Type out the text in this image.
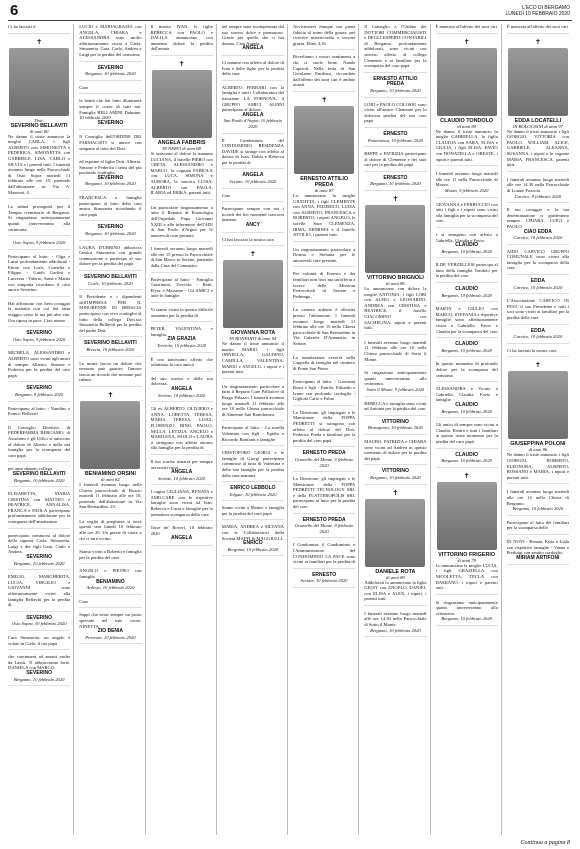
6	L'ECO DI BERGAMO
LUNEDÌ 10 FEBBRAIO 2020
Ci ha lasciati il
✝
Dott.
SEVERINO BELLAVITI
di anni 80
Ne danno il triste annuncio la moglie CARLA, i figli ALBERTO con SIMONETTA e FEDERICA, SIMONETTA con GABRIELE, LISA, CARLO e SILVIA e i parenti tutti. I funerali avranno luogo nella Parrocchiale di Osio Sopra martedì 11 febbraio alle ore 10, partendo dall'abitazione in Via A. Mazzoni, 4.
La salma proseguirà per il Tempio crematorio di Bergamo. Si ringraziano anticipatamente quanti interverranno alla cerimonia.
Osio Sopra, 9 febbraio 2020
Partecipano al lutto: - Olga e Luisa profondamente addolorati - Ettore con Loris, Cornelia e Filippo - Guido Garlini e Lucrezia - Valerio, Anna e Mattia con simpatia ricordano il caro amico Severino
Hai affrontato con fiero coraggio la malattia con cui hai fatto viaggio verso la tua più alta vita. Ora riposa in pace. Ciao nonno
SEVERINO
Osio Sopra, 9 febbraio 2020
MICHELA, ALESSANDRO e ALBERTO sono vicini agli amici di sempre Alberto, Simone e Federica per la perdita del caro papà
SEVERINO
Bergamo, 9 febbraio 2020
Partecipano al lutto: - Nandino e Franco Bellaviti
Il Consiglio Direttivo di FEDERFARMA BERGAMO, di Assofarm e gli Uffici si uniscono al dolore di Alberto e della sua famiglia per la scomparsa del caro papà
per anni stimato collega.
SEVERINO BELLAVITI
Bergamo, 10 febbraio 2020
ELISABETTA, MARIA CRISTINA con MATTEO e BEATRICE, ANNALISA, FRANCA e PAOLA partecipano profondamente addolorate per la scomparsa dell'amatissimo
partecipano commossi al dolore della signora Carla, Simonetta, Luigi e dei figli Gaia, Carlo e Andrea.
SEVERINO
Bergamo, 10 febbraio 2020
EMILIO, MARGHERITA, LUCIA, VIRGILIO e GIOVANNI sono affettuosamente vicini alla famiglia Bellaviti per la perdita di
SEVERINO
Osio Sopra, 10 febbraio 2020
Cara Simonetta, un angelo è volato in Cielo, il tuo papà
che continuerà ad amarti anche da Lassù. Ti abbracciamo forte. DANIELA con MARCO.
SEVERINO
Bergamo, 10 febbraio 2020
LUCIO e MARIAGRAZIA con ANGELA, CHIARA e ALESSANDRA sono molto affettuosamente vicini a Carla, Simonetta, Gaia, Carlo, Andrea e Luigi per la perdita del carissimo
SEVERINO
Bergamo, 10 febbraio 2020
Ciao
la bontà che hai fatto illuminerà sempre il cuore di tutti noi. Famiglia BELLAMINI Dalmine, 10 febbraio 2020
SEVERINO
Il Consiglio dell'ORDINE DEI FARMACISTI si unisce con simpatia al lutto del Dott.
ed esprime al figlio Dott. Alberto, Simone e Federica i sensi del più profondo cordoglio.
SEVERINO
Bergamo, 10 febbraio 2020
FRANCESCA e famiglia partecipano al lutto della cara amica Simonetta ricordando il caro papà
SEVERINO
Bergamo, 10 febbraio 2020
LAURA D'URBINO abbraccia l'amica Simonetta con grande commozione e partecipa al suo dolore per la perdita del papà
SEVERINO BELLAVITI
Gorle, 10 febbraio 2020
Il Presidente e i dipendenti dell'IMPRESA PER IL MINORENNE DI BRESCIA partecipano con vivo cordoglio al lutto della collega Dott.ssa Simonetta Bellaviti per la perdita del padre Dott.
SEVERINO BELLAVITI
Brescia, 10 febbraio 2020
La morte lascia un dolore che nessuno può guarire, l'amore lascia un ricordo che nessuno può rubare.
✝
BENIAMINO ORSINI
di anni 82
I funerali avranno luogo nella Chiesa parrocchiale di Boario martedì 11 febbraio alle ore 10, partendo dall'abitazione in Via San Bernardino, 23.
La veglia di preghiera si terrà questa sera lunedì 10 febbraio alle ore 20. Un grazie di cuore a chi ci sarà vicino.
Siamo vicini a Roberto e famiglia per la perdita del caro
ANGELO e PIETRO con famiglia.
BENIAMINO
Ardesio, 10 febbraio 2020
Ciao
Sappi che avrai sempre un posto speciale nel mio cuore. NINETTA
ZIO BENIA
Provezze, 10 febbraio 2020
Il marito IVAN, le figlie REBECCA con PAOLO e DALILA annunciano con immenso dolore la perdita dell'amata
✝
ANGELA FABBRIS
IN NERVI di anni 68
Si uniscono al dolore la mamma LUCIANA, il fratello PIERO con GRETA, ALESSANDRO e MARCO, la cognata FABIOLA con LUCA, SIMONA e AURORA, la suocera LUISA, ALBERTO con PAULA, ILARIA ed ERIKA, parenti tutti.
Un particolare ringraziamento a tutto il Reparto di Ematologia dell'Ospedale Papa Giovanni XXIII e alle infermiere dell'ADI di San Paolo d'Argon per le amorevoli cure prestate.
I funerali avranno luogo martedì alle ore 15 presso la Parrocchiale di San Marco in Seriate, partendo dalla Casa del Commiato.
Partecipano al lutto: - Famiglia Giustinoni, Treviolo - Betti, Elyse e Massimo - Gli AMICI e tutte le famiglie
Vi siamo vicini in questo difficile momento per la perdita di
PETER, VALENTINA e famiglia.
ZIA GRAZIA
Treviolo, 10 febbraio 2020
È con tantissimo affetto che salutiamo la cara amica
del suo sorriso e della sua dolcezza.
ANGELA
Seriate, 10 febbraio 2020
Gli ex ALBERTO, OLIVIERO e ANNA, LORETTA, TERESA, MARIA TERESA, LUIGI, FLORENZO, RINO, PAOLO, NELLA, LETIZIA, ANGELO e MARILENA, PAOLO e LAURA si stringono con affetto attorno alla famiglia per la perdita di
Il tuo sorriso rimarrà per sempre nei nostri cuori.
ANGELA
Seriate, 10 febbraio 2020
I cugini GIULIANA, RENATA e AMILCARE con le rispettive famiglie sono vicini ad Ivan, Rebecca e Lucia e famiglie per la prematura scomparsa della cara
Torre de' Roveri, 10 febbraio 2020
ANGELA
nel sempre stata ricompensata dal suo sorriso dolce e premuroso. Grazie per quello che ci hai donato. Ciao Angela.
ANGELA
Ci uniamo con affetto al dolore di Ivan e delle figlie per la perdita della cara
ALBERTO FERRARI con la famiglia e tutti i Collaboratori del ristorante LA FORNOVA, il GRUPPO AMICI ALPINI partecipano al dolore.
ANGELA
San Paolo d'Argon, 10 febbraio 2020
Il Condominio del CONDOMINIO RESIDENZA DAVIDE si stringe con affetto al dolore di Ivan, Dalila e Rebecca per la perdita di
ANGELA
Seriate, 10 febbraio 2020
Ciao
Partecipano sempre con noi i ricordi dei bei momenti trascorsi insieme.
ANCY
Ci hai lasciato la nostra cara
✝
GIOVANNA ROTA
IN BONFANTI di anni 94
Ne danno il triste annuncio il marito MARIO, i figli ORNELLA, GALDINO, CAMILLA, VALENTINA, MARIO e ANGELO, i nipoti e i parenti tutti.
Un ringraziamento particolare a tutto il Reparto Cure Palliative di Borgo Palazzo. I funerali avranno luogo martedì 11 febbraio alle ore 10 nella Chiesa parrocchiale di Almenno San Bartolomeo.
Partecipano al lutto: - La sorella Valentina con figli - Egidio e Riccardo Bonfanti e famiglie
CRISTOFORO GIORGI e le famiglie di Giorgi partecipano commosse al lutto di Valentina e della sua famiglia per la perdita della cara mamma
ENRICO LEBBOLO
Telgate, 10 febbraio 2020
Siamo vicini a Matteo e famiglia per la perdita del caro papà
MARIA, ANDREA e SILVANA con le Collaboratrici della Società MAFFI & MAGGIULLI.
ENRICO
Bergamo, 10 febbraio 2020
Avvicinatevi dunque con piena fiducia al trono della grazia, per ricevere misericordia e trovare grazia. Ebrei 4,16
Riverliamo i nostri sentimenti a chi ci vuole bene. Natale Caprioli. Nella festa di San Gerolamo Emiliani, circondato dall'affetto dei suoi cari è andato avanti
✝
ERNESTO ATTILIO PREDA
di anni 87
Lo annunciano la moglie GIUDITTA, i figli CLEMENTE con ANNA, FEDERICO, LUISA con ALBERTO, FRANCESCA e ROBERTO, i nipoti ANGELO, le sorelle, Suor CLEMENZA, IRMA, ERMINIA e il fratello ATTILIO, i parenti tutti.
Un ringraziamento particolare a Dorina e Stefania per le amorevoli cure prestate.
Per volontà di Ernesto e dei familiari non fiori ma un'offerta a favore delle Missioni Parrocchiali di Seriate e Pedrengo.
La camera ardente è allestita presso l'abitazione. I funerali avranno luogo martedì 11 febbraio alle ore 15 nella Chiesa parrocchiale di San Bernardino in Via Gabriele D'Annunzio, in Seriate.
La tumulazione avverrà nella Cappella di famiglia nel cimitero di Ponte San Pietro.
Partecipano al lutto: - Giovanni Rossi e figli - Emilio, Edoardo e Ivano con profondo cordoglio - Gigliola Carlo e Fabio
La Direzione, gli impiegati e le Maestranze della FOPPA PEDRETTI si stringono con affetto al dolore del Dott. Federico Preda e familiari per la perdita del caro papà
ERNESTO PREDA
Grumello del Monte, 9 febbraio 2020
La Direzione, gli impiegati e le Maestranze della FOPPA PEDRETTI TECNOLOGY SRL e della FLATTEROPOLIS SRL partecipano al lutto per la perdita del caro
ERNESTO PREDA
Grumello del Monte, 9 febbraio 2020
I Condomini, il Condominio e l'Amministratore del CONDOMINIO LA PACE sono vicini ai familiari per la perdita di
ERNESTO
Seriate, 10 febbraio 2020
Il Consiglio e l'Ordine dei DOTTORI COMMERCIALISTI e DEGLI ESPERTI CONTABILI di Bergamo, profondamente addolorati, sono vicini con sincero affetto al collega Clemente e ai familiari per la scomparsa del caro papà
ERNESTO ATTILIO PREDA
Bergamo, 10 febbraio 2020
LORI e PAOLO COLOSIO sono vicini all'amico Clemente per la dolorosa perdita del suo caro papà
ERNESTO
Pontenossa, 10 febbraio 2020
BEPPE e PATRIZIA partecipano al dolore di Clemente e dei suoi cari per la perdita del papà
ERNESTO
Bergamo, 10 febbraio 2020
✝
VITTORINO BRIGNOLI
di anni 86
Lo annunciano con dolore la moglie ANTONIA, i figli LORI con ALFIO e LEONARDO, ANDREA con CRISTINA e BEATRICE, il fratello GIACOMINO con SACHELINA, nipoti e parenti tutti.
I funerali avranno luogo martedì 11 febbraio alle ore 10 nella Chiesa parrocchiale di Sotto il Monte.
Si ringraziano anticipatamente quanti interverranno alla cerimonia.
Sotto il Monte, 9 febbraio 2020
REBECCA e famiglia sono vicini ad Antonia per la perdita del caro
VITTORINO
Brusaporto, 10 febbraio 2020
MAURO, PATRIZIA e CHIARA sono vicini ad Andrea in questo momento di dolore per la perdita del papà
VITTORINO
Bergamo, 10 febbraio 2020
✝
DANIELE ROTA
di anni 89
Addolorati lo annunciano la figlia GIUSY con ANGELO, DANIEL con ELISA e ALEX, i nipoti, i parenti tutti.
I funerali avranno luogo martedì alle ore 14.30 nella Parrocchiale di Sotto il Monte.
Bergamo, 10 febbraio 2020
È mancato all'affetto dei suoi cari
✝
CLAUDIO TONDOLO
di anni 89
Ne danno il triste annuncio la moglie GABRIELLA, la figlia CLAUDIA con SARA, ELISA e GIULIA, i figli ELISA, FAVIO con DONATELLA e ORESTE, i nipoti e parenti tutti.
I funerali avranno luogo martedì alle ore 11 nella Parrocchiale di Mozzo.
Mozzo, 9 febbraio 2020
GIOVANNA e FERRUCCIO con tutti i figli e i nipoti sono vicini alla famiglia per la scomparsa del caro
e si stringono con affetto a Gabriella, Claudia e Favio.
CLAUDIO
Bergamo, 10 febbraio 2020
ILDE VERZELLESI partecipa al lutto della famiglia Tondolo per la perdita del caro
CLAUDIO
Bergamo, 10 febbraio 2020
MARTA e GIULIO con MARCO, STEFANIA e rispettive famiglie sono affettuosamente vicini a Gabriella, Favio e Claudia per la scomparsa del caro
CLAUDIO
Bergamo, 10 febbraio 2020
In questo momento di profondo dolore per la scomparsa del carissimo
ALESSANDRA e Vicino a Gabriella, Claudia, Favio e famiglie.
CLAUDIO
Bergamo, 10 febbraio 2020
Gli amici di sempre sono vicini a Claudia, Elettra e tutti i familiari in questo triste momento per la perdita del caro papà
CLAUDIO
Bergamo, 10 febbraio 2020
✝
VITTORINO FRIGERIO
di anni 79
Lo annunciano la moglie LUCIA, i figli GRAZIELLA con NICOLETTA, TECLA con DAMIANO, i nipoti e parenti tutti.
Si ringraziano anticipatamente quanti interverranno alla cerimonia.
Bergamo, 10 febbraio 2020
È mancata all'affetto dei suoi cari
✝
EDDA LOCATELLI
IN BOLOGNINI di anni 97
Ne danno il triste annuncio i figli GIORGIO, VITTORIA con PAOLO, WILLIAM, ALICE, GABRIELE, ALEANNA, SUSANNA, i nipoti e le cognate MARIA, FRANCESCA, parenti tutti.
I funerali avranno luogo martedì alle ore 14.30 nella Parrocchiale di Lonate Pozzolo.
Carvico, 9 febbraio 2020
Il tuo coraggio e la tua determinazione ci guideranno sempre. CHIARA, LUIGI e PAOLO
CIAO EDDA
Carvico, 10 febbraio 2020
AIDO CARVICO GRUPPO COMUNALE sono vicini alla famiglia per la scomparsa della cara
EDDA
Carvico, 10 febbraio 2020
L'Associazione CARVICO IN FEST, il suo Presidente e tutti i soci sono vicini ai familiari per la perdita della cara
EDDA
Carvico, 10 febbraio 2020
Ci ha lasciati la nostra cara
✝
GIUSEPPINA POLONI
di anni 96
Ne danno il triste annuncio i figli GIORGIO, ROBERTO, ELEONORA, ALBERTO, ROSSANO e MARIA, i nipoti e parenti tutti.
I funerali avranno luogo martedì alle ore 10 nella Chiesa di Bergamo.
Bergamo, 10 febbraio 2020
Partecipano al lutto dei familiari per la scomparsa della
IN NOVI - Renata, Kiria e Liala con rispettive famiglie - Vanna e Pierluigi con sentito cordoglio
MIRIAM ARTIFONI
Continua a pagina 8
